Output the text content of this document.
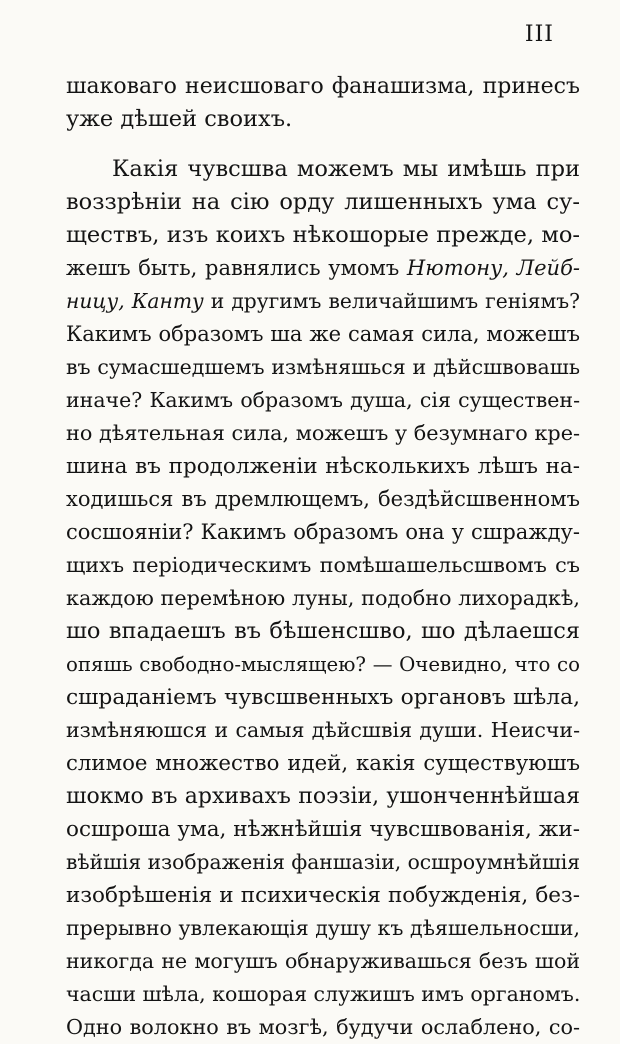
III
шаковаго неисшоваго фанашизма, принесъ
уже дѣшей своихъ.
Какія чувсшва можемъ мы имѣшь при
воззрѣніи на сію орду лишенныхъ ума су-
ществъ, изъ коихъ нѣкошорые прежде, мо-
жешъ быть, равнялись умомъ Нютону, Лейб-
ницу, Канту и другимъ величайшимъ геніямъ?
Какимъ образомъ ша же самая сила, можешъ
въ сумасшедшемъ измѣняшься и дѣйсшвовашь
иначе? Какимъ образомъ душа, сія существен-
но дѣятельная сила, можешъ у безумнаго кре-
шина въ продолженіи нѣсколькихъ лѣшъ на-
ходишься въ дремлющемъ, бездѣйсшвенномъ
сосшояніи? Какимъ образомъ она у сшражду-
щихъ періодическимъ помѣшашельсшвомъ съ
каждою перемѣною луны, подобно лихорадкѣ,
шо впадаешъ въ бѣшенсшво, шо дѣлаешся
опяшь свободно-мыслящею? — Очевидно, что со
сшраданіемъ чувсшвенныхъ органовъ шѣла,
измѣняюшся и самыя дѣйсшвія души. Неисчи-
слимое множество идей, какія существуюшъ
шокмо въ архивахъ поэзіи, ушонченнѣйшая
осшроша ума, нѣжнѣйшія чувсшвованія, жи-
вѣйшія изображенія фаншазіи, осшроумнѣйшія
изобрѣшенія и психическія побужденія, без-
прерывно увлекающія душу къ дѣяшельносши,
никогда не могушъ обнаруживашься безъ шой
часши шѣла, кошорая служишъ имъ органомъ.
Одно волокно въ мозгѣ, будучи ослаблено, со-
